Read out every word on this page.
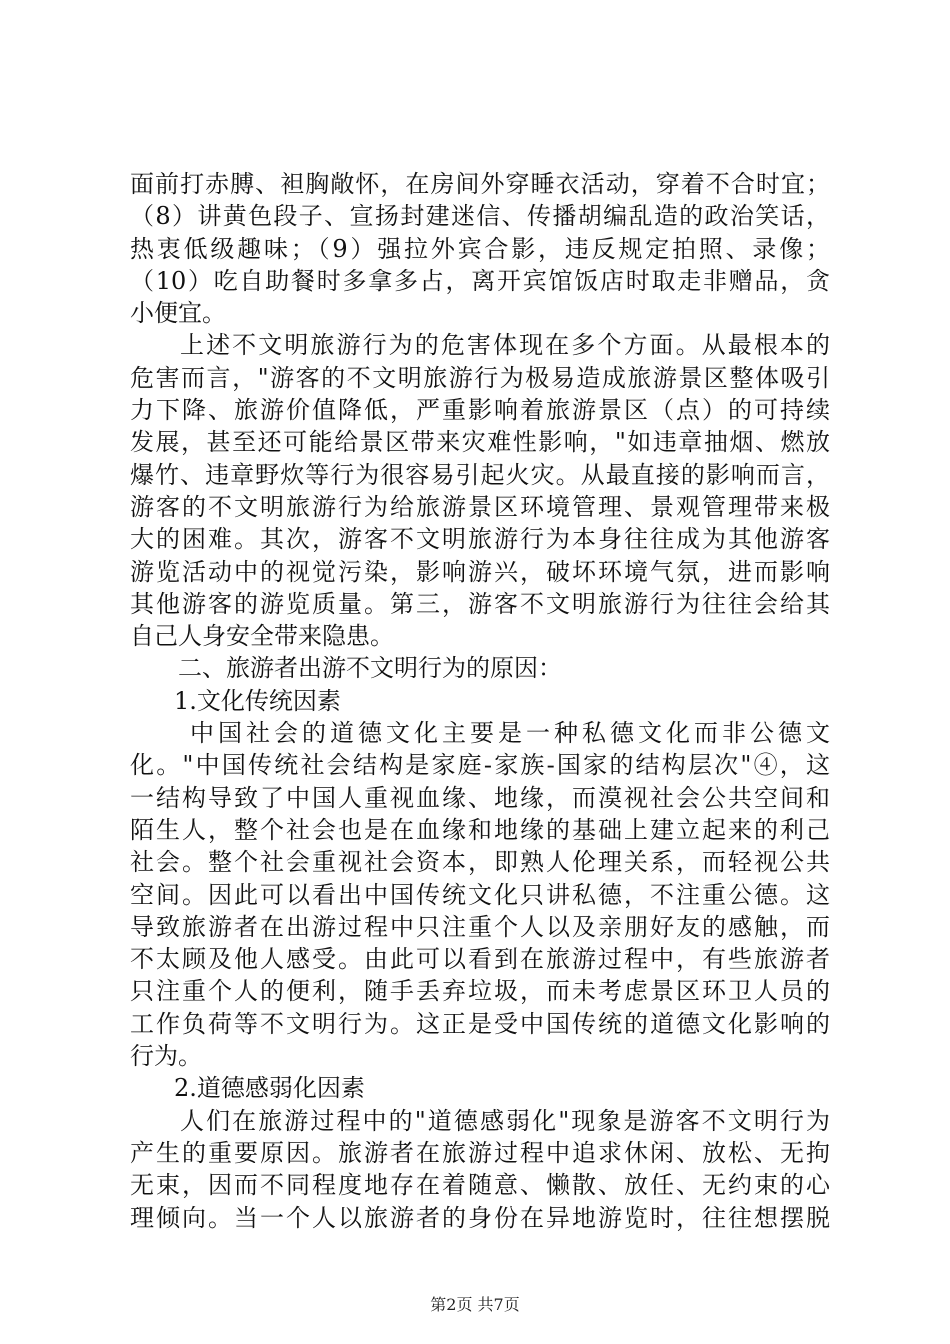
面前打赤膊、袒胸敞怀，在房间外穿睡衣活动，穿着不合时宜；
（8）讲黄色段子、宣扬封建迷信、传播胡编乱造的政治笑话，
热衷低级趣味；（9）强拉外宾合影，违反规定拍照、录像；
（10）吃自助餐时多拿多占，离开宾馆饭店时取走非赠品，贪
小便宜。
上述不文明旅游行为的危害体现在多个方面。从最根本的
危害而言，"游客的不文明旅游行为极易造成旅游景区整体吸引
力下降、旅游价值降低，严重影响着旅游景区（点）的可持续
发展，甚至还可能给景区带来灾难性影响，"如违章抽烟、燃放
爆竹、违章野炊等行为很容易引起火灾。从最直接的影响而言，
游客的不文明旅游行为给旅游景区环境管理、景观管理带来极
大的困难。其次，游客不文明旅游行为本身往往成为其他游客
游览活动中的视觉污染，影响游兴，破坏环境气氛，进而影响
其他游客的游览质量。第三，游客不文明旅游行为往往会给其
自己人身安全带来隐患。
二、旅游者出游不文明行为的原因：
1.文化传统因素
中国社会的道德文化主要是一种私德文化而非公德文
化。"中国传统社会结构是家庭-家族-国家的结构层次"④，这
一结构导致了中国人重视血缘、地缘，而漠视社会公共空间和
陌生人，整个社会也是在血缘和地缘的基础上建立起来的利己
社会。整个社会重视社会资本，即熟人伦理关系，而轻视公共
空间。因此可以看出中国传统文化只讲私德，不注重公德。这
导致旅游者在出游过程中只注重个人以及亲朋好友的感触，而
不太顾及他人感受。由此可以看到在旅游过程中，有些旅游者
只注重个人的便利，随手丢弃垃圾，而未考虑景区环卫人员的
工作负荷等不文明行为。这正是受中国传统的道德文化影响的
行为。
2.道德感弱化因素
人们在旅游过程中的"道德感弱化"现象是游客不文明行为
产生的重要原因。旅游者在旅游过程中追求休闲、放松、无拘
无束，因而不同程度地存在着随意、懒散、放任、无约束的心
理倾向。当一个人以旅游者的身份在异地游览时，往往想摆脱
第2页 共7页
